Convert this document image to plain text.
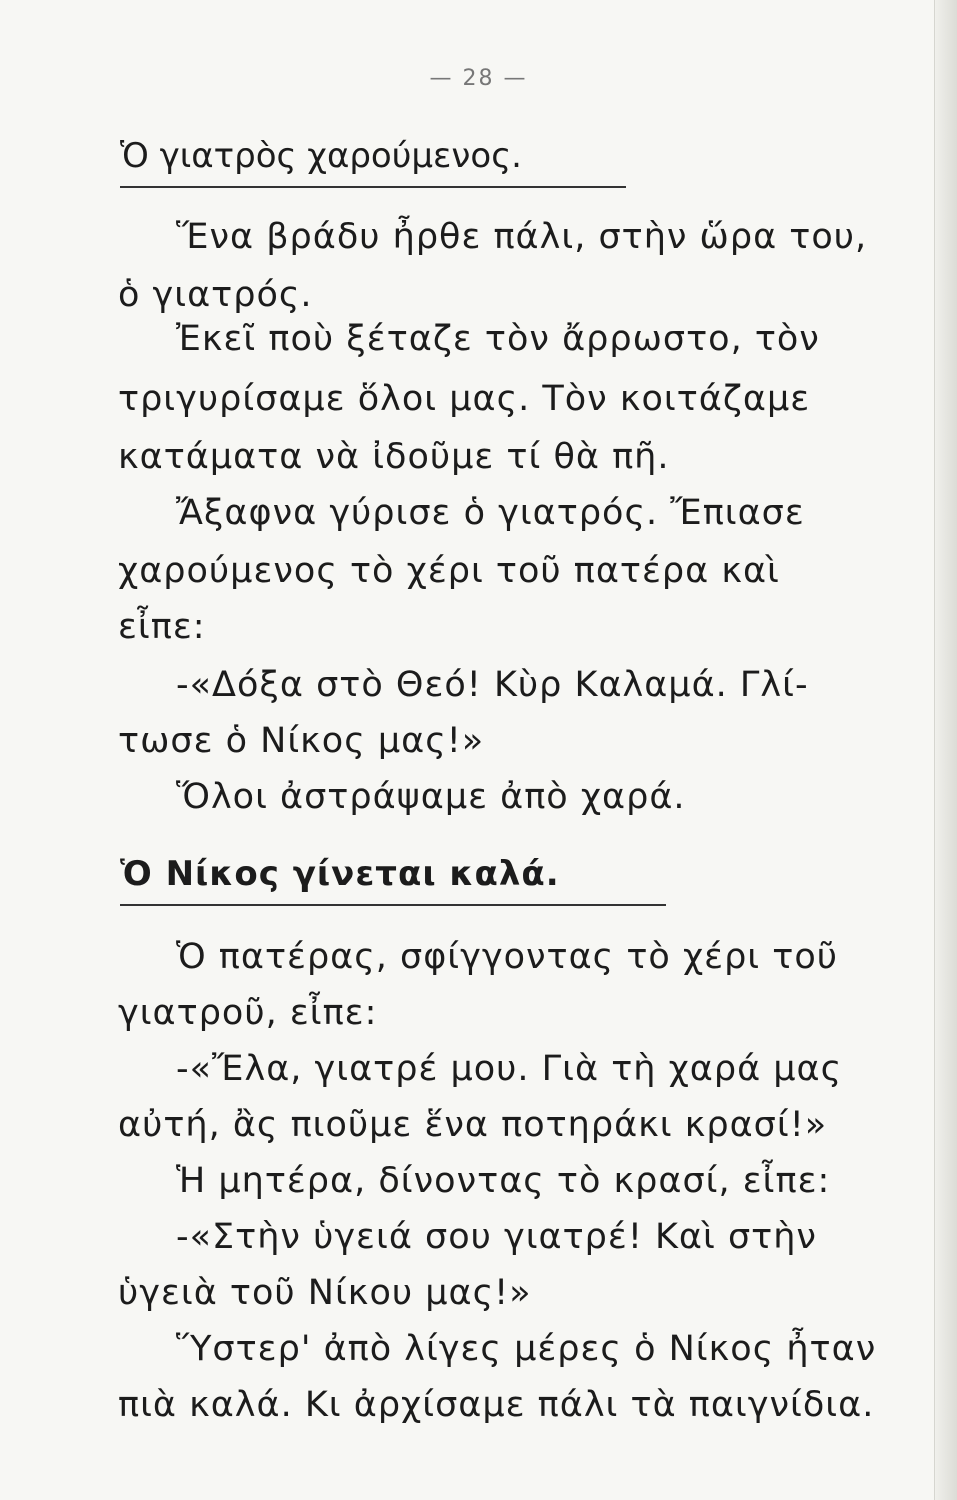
— 28 —
Ὁ γιατρὸς χαρούμενος.
Ἕνα βράδυ ἦρθε πάλι, στὴν ὥρα του,
ὁ γιατρός.
Ἐκεῖ ποὺ ξέταζε τὸν ἄρρωστο, τὸν
τριγυρίσαμε ὅλοι μας. Τὸν κοιτάζαμε
κατάματα νὰ ἰδοῦμε τί θὰ πῆ.
Ἄξαφνα γύρισε ὁ γιατρός. Ἔπιασε
χαρούμενος τὸ χέρι τοῦ πατέρα καὶ
εἶπε:
-«Δόξα στὸ Θεό! Κὺρ Καλαμά. Γλί-
τωσε ὁ Νίκος μας!»
Ὅλοι ἀστράψαμε ἀπὸ χαρά.
Ὁ Νίκος γίνεται καλά.
Ὁ πατέρας, σφίγγοντας τὸ χέρι τοῦ
γιατροῦ, εἶπε:
-«Ἔλα, γιατρέ μου. Γιὰ τὴ χαρά μας
αὐτή, ἂς πιοῦμε ἕνα ποτηράκι κρασί!»
Ἡ μητέρα, δίνοντας τὸ κρασί, εἶπε:
-«Στὴν ὑγειά σου γιατρέ! Καὶ στὴν
ὑγειὰ τοῦ Νίκου μας!»
Ὕστερ' ἀπὸ λίγες μέρες ὁ Νίκος ἦταν
πιὰ καλά. Κι ἀρχίσαμε πάλι τὰ παιγνίδια.
